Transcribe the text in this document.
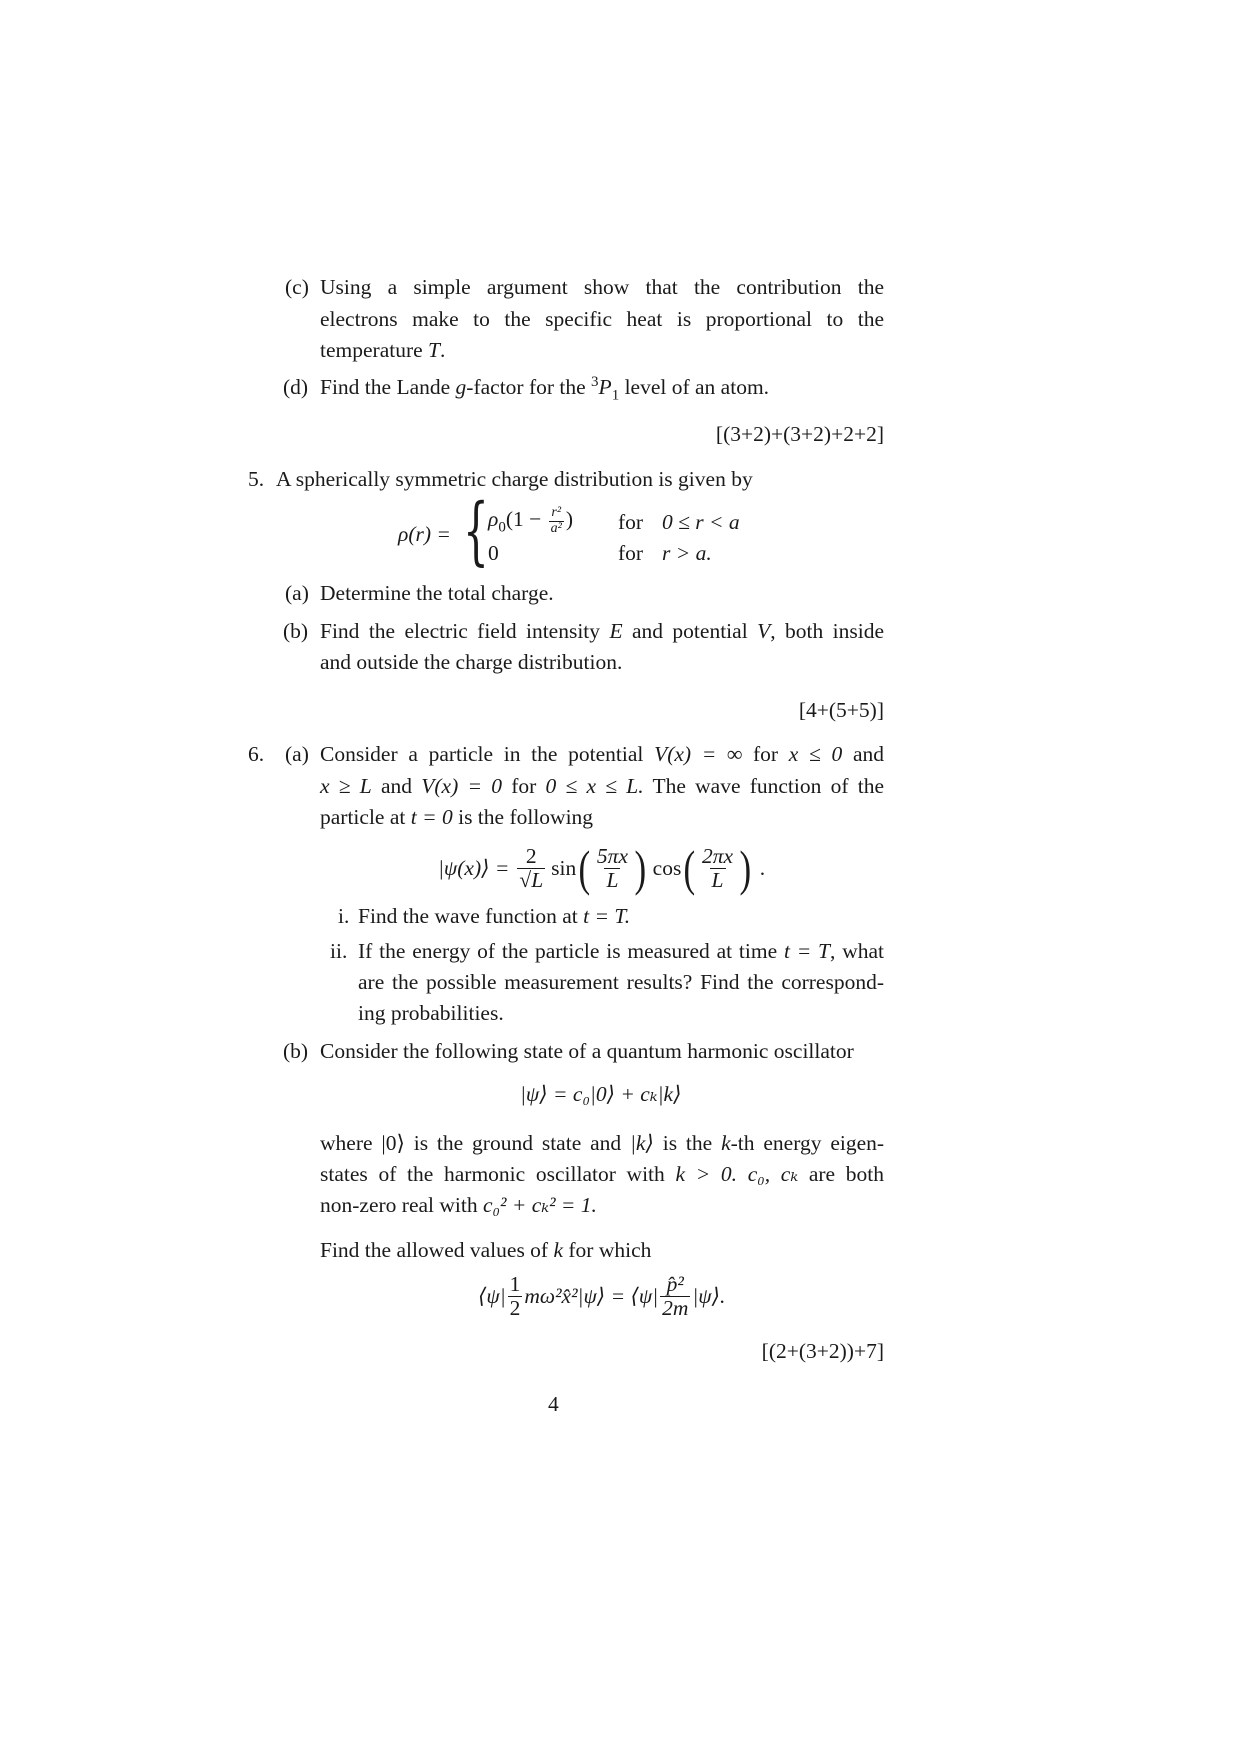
(c) Using a simple argument show that the contribution the
electrons make to the specific heat is proportional to the
temperature T.
(d) Find the Lande g-factor for the $^3P_1$ level of an atom.
[(3+2)+(3+2)+2+2]
5. A spherically symmetric charge distribution is given by
ρ(r) = { $\rho_0(1 - \frac{\text{r²}}{\text{a²}}$ ) for 0 ≤ r < a
0	for r > a.
(a) Determine the total charge.
(b) Find the electric field intensity E and potential V, both inside
and outside the charge distribution.
[4+(5+5)]
6. (a) Consider a particle in the potential V(x) = ∞ for x ≤ 0 and
x ≥ L and V(x) = 0 for 0 ≤ x ≤ L. The wave function of the
particle at t = 0 is the following
|ψ(x)⟩ = $\frac{2}{√L}$ sin ( $\frac{5\pi x}{L}$ ) cos ( $\frac{2\pi x}{L}$ ) .
i. Find the wave function at t = T.
ii. If the energy of the particle is measured at time t = T, what
are the possible measurement results? Find the correspond-
ing probabilities.
(b) Consider the following state of a quantum harmonic oscillator
|ψ⟩ = c₀|0⟩ + cₖ|k⟩
where |0⟩ is the ground state and |k⟩ is the k-th energy eigen-
states of the harmonic oscillator with k > 0. c₀, cₖ are both
non-zero real with c₀² + cₖ² = 1.
Find the allowed values of k for which
⟨ψ| $\frac{1}{2}$ mω²x̂²|ψ⟩ = ⟨ψ| $\frac{\text{p̂²}}{2m}$ |ψ⟩.
[(2+(3+2))+7]
4
